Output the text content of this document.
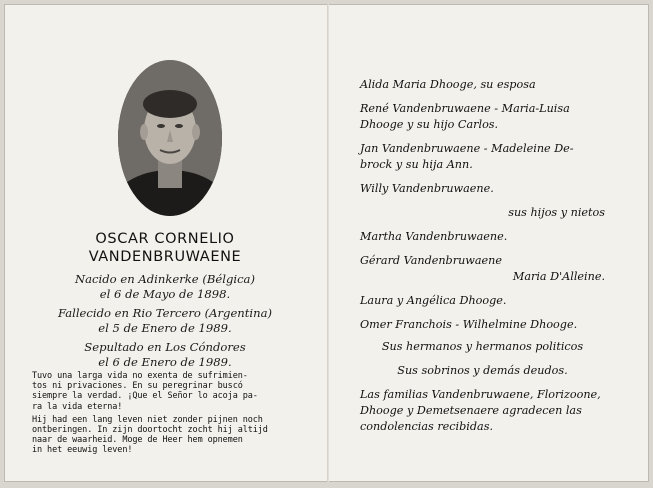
OSCAR CORNELIO
VANDENBRUWAENE
Nacido en Adinkerke (Bélgica)
el 6 de Mayo de 1898.
Fallecido en Rio Tercero (Argentina)
el 5 de Enero de 1989.
Sepultado en Los Cóndores
el 6 de Enero de 1989.
Tuvo una larga vida no exenta de sufrimien-
tos ni privaciones. En su peregrinar buscó
siempre la verdad. ¡Que el Señor lo acoja pa-
ra la vida eterna!
Hij had een lang leven niet zonder pijnen noch
ontberingen. In zijn doortocht zocht hij altijd
naar de waarheid. Moge de Heer hem opnemen
in het eeuwig leven!
Alida Maria Dhooge, su esposa
René Vandenbruwaene - Maria-Luisa
Dhooge y su hijo Carlos.
Jan Vandenbruwaene - Madeleine De-
brock y su hija Ann.
Willy Vandenbruwaene.
sus hijos y nietos
Martha Vandenbruwaene.
Gérard Vandenbruwaene
Maria D'Alleine.
Laura y Angélica Dhooge.
Omer Franchois - Wilhelmine Dhooge.
Sus hermanos y hermanos politicos
Sus sobrinos y demás deudos.
Las familias Vandenbruwaene, Florizoone,
Dhooge y Demetsenaere agradecen las
condolencias recibidas.
